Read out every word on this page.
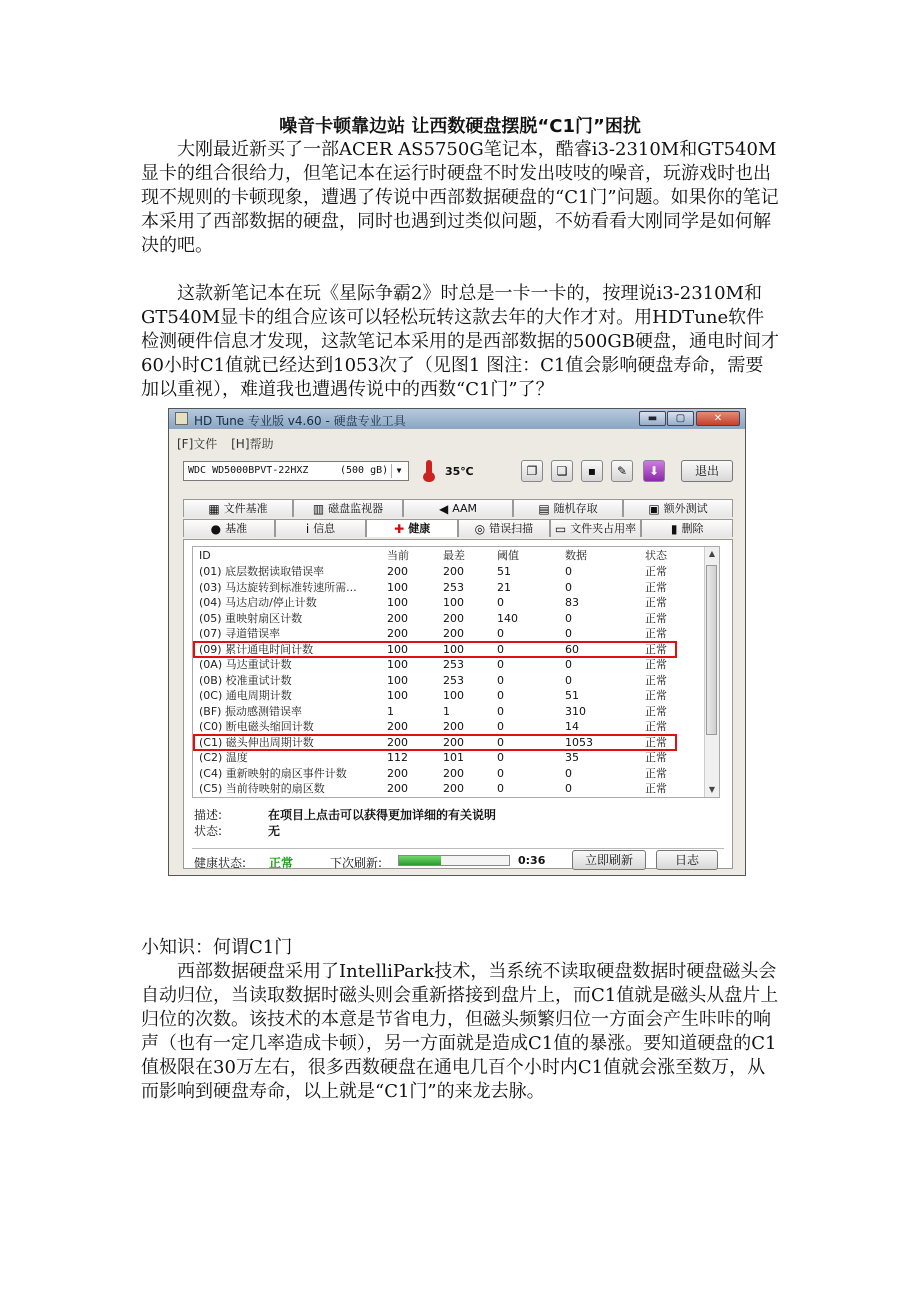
噪音卡顿靠边站 让西数硬盘摆脱“C1门”困扰

大刚最近新买了一部ACER AS5750G笔记本，酷睿i3-2310M和GT540M显卡的组合很给力，但笔记本在运行时硬盘不时发出吱吱的噪音，玩游戏时也出现不规则的卡顿现象，遭遇了传说中西部数据硬盘的“C1门”问题。如果你的笔记本采用了西部数据的硬盘，同时也遇到过类似问题，不妨看看大刚同学是如何解决的吧。

这款新笔记本在玩《星际争霸2》时总是一卡一卡的，按理说i3-2310M和GT540M显卡的组合应该可以轻松玩转这款去年的大作才对。用HDTune软件检测硬件信息才发现，这款笔记本采用的是西部数据的500GB硬盘，通电时间才60小时C1值就已经达到1053次了（见图1 图注：C1值会影响硬盘寿命，需要加以重视），难道我也遭遇传说中的西数“C1门”了？

HD Tune 专业版 v4.60 - 硬盘专业工具	▬	▢	✕
[F]文件 [H]帮助
WDC WD5000BPVT-22HXZ	(500 gB)	▼	35℃	❐	❏	▪	✎	⬇	退出
▦ 文件基准	▥ 磁盘监视器	◀ AAM	▤ 随机存取	▣ 额外测试
● 基准	i 信息	✚ 健康	◎ 错误扫描 ▭ 文件夹占用率	▮ 删除
ID	当前	最差	阈值	数据	状态	▲
▼
(01) 底层数据读取错误率	200	200	51	0	正常
(03) 马达旋转到标准转速所需...	100	253	21	0	正常
(04) 马达启动/停止计数	100	100	0	83	正常
(05) 重映射扇区计数	200	200	140	0	正常
(07) 寻道错误率	200	200	0	0	正常
(09) 累计通电时间计数	100	100	0	60	正常
(0A) 马达重试计数	100	253	0	0	正常
(0B) 校准重试计数	100	253	0	0	正常
(0C) 通电周期计数	100	100	0	51	正常
(BF) 振动感测错误率	1	1	0	310	正常
(C0) 断电磁头缩回计数	200	200	0	14	正常
(C1) 磁头伸出周期计数	200	200	0	1053	正常
(C2) 温度	112	101	0	35	正常
(C4) 重新映射的扇区事件计数	200	200	0	0	正常
(C5) 当前待映射的扇区数	200	200	0	0	正常
描述:	在项目上点击可以获得更加详细的有关说明
状态:	无
健康状态: 正常	下次刷新:	0:36	立即刷新	日志
小知识：何谓C1门

西部数据硬盘采用了IntelliPark技术，当系统不读取硬盘数据时硬盘磁头会自动归位，当读取数据时磁头则会重新搭接到盘片上，而C1值就是磁头从盘片上归位的次数。该技术的本意是节省电力，但磁头频繁归位一方面会产生咔咔的响声（也有一定几率造成卡顿），另一方面就是造成C1值的暴涨。要知道硬盘的C1值极限在30万左右，很多西数硬盘在通电几百个小时内C1值就会涨至数万，从而影响到硬盘寿命，以上就是“C1门”的来龙去脉。
